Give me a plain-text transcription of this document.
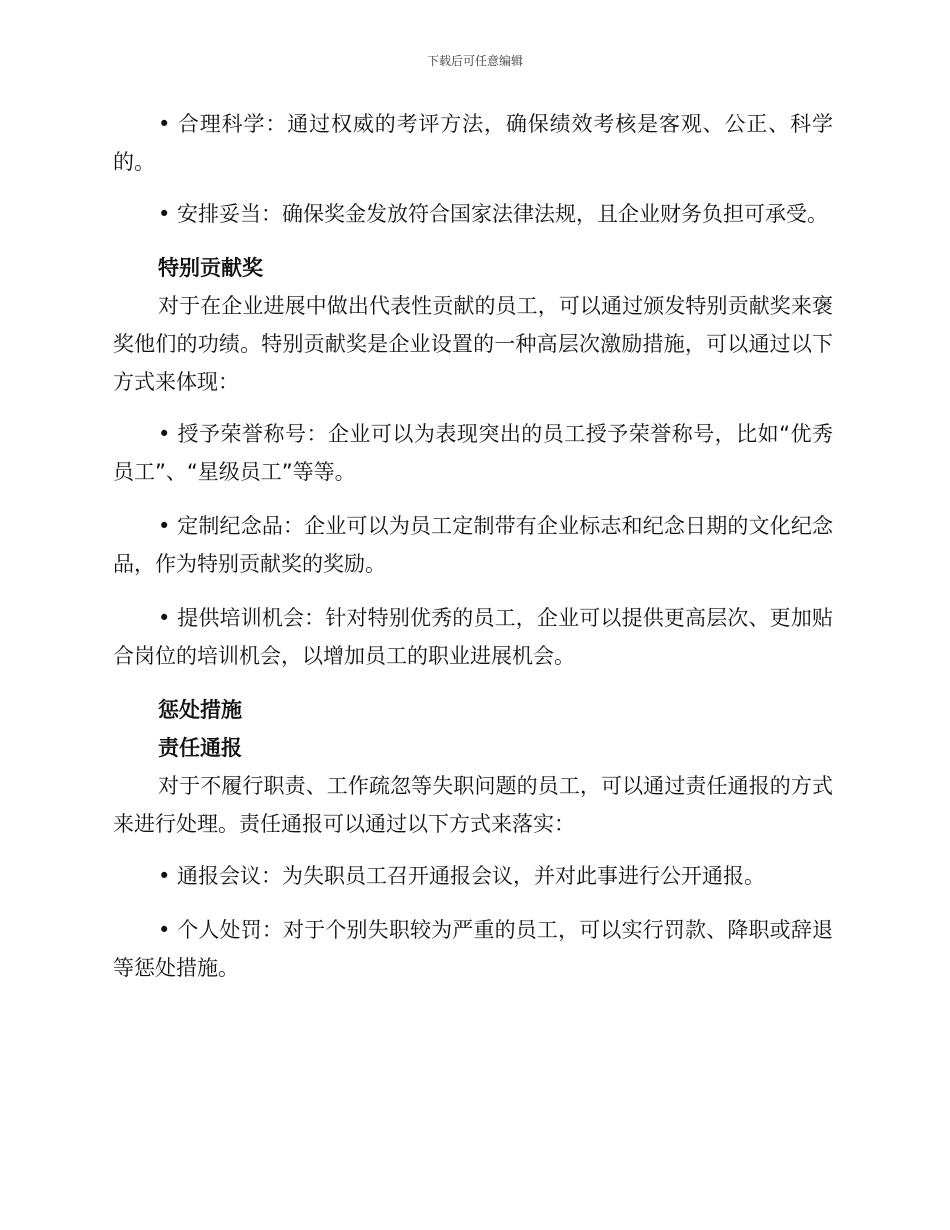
下载后可任意编辑

• 合理科学：通过权威的考评方法，确保绩效考核是客观、公正、科学的。

• 安排妥当：确保奖金发放符合国家法律法规，且企业财务负担可承受。

特别贡献奖

对于在企业进展中做出代表性贡献的员工，可以通过颁发特别贡献奖来褒奖他们的功绩。特别贡献奖是企业设置的一种高层次激励措施，可以通过以下方式来体现：

• 授予荣誉称号：企业可以为表现突出的员工授予荣誉称号，比如“优秀员工”、“星级员工”等等。

• 定制纪念品：企业可以为员工定制带有企业标志和纪念日期的文化纪念品，作为特别贡献奖的奖励。

• 提供培训机会：针对特别优秀的员工，企业可以提供更高层次、更加贴合岗位的培训机会，以增加员工的职业进展机会。

惩处措施
责任通报

对于不履行职责、工作疏忽等失职问题的员工，可以通过责任通报的方式来进行处理。责任通报可以通过以下方式来落实：

• 通报会议：为失职员工召开通报会议，并对此事进行公开通报。

• 个人处罚：对于个别失职较为严重的员工，可以实行罚款、降职或辞退等惩处措施。
